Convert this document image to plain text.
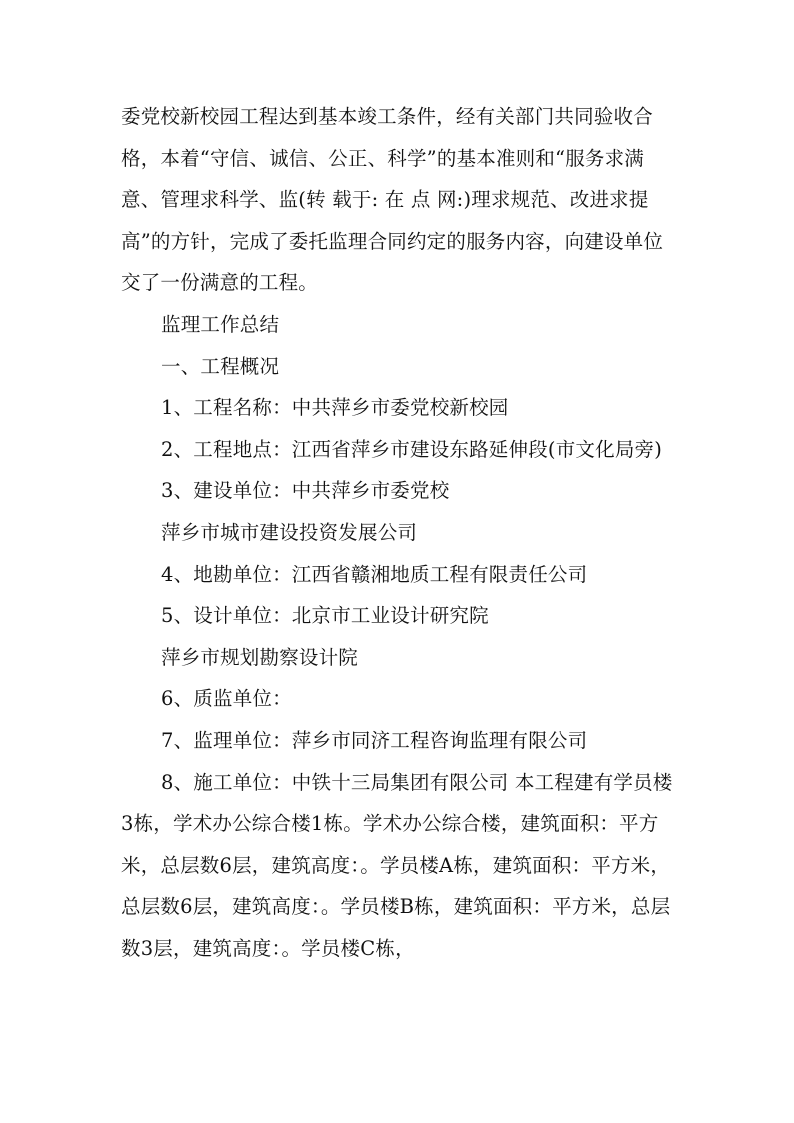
委党校新校园工程达到基本竣工条件，经有关部门共同验收合格，本着“守信、诚信、公正、科学”的基本准则和“服务求满意、管理求科学、监(转 载于: 在 点 网:)理求规范、改进求提高”的方针，完成了委托监理合同约定的服务内容，向建设单位交了一份满意的工程。

监理工作总结

一、工程概况

1、工程名称：中共萍乡市委党校新校园

2、工程地点：江西省萍乡市建设东路延伸段(市文化局旁)

3、建设单位：中共萍乡市委党校

萍乡市城市建设投资发展公司

4、地勘单位：江西省赣湘地质工程有限责任公司

5、设计单位：北京市工业设计研究院

萍乡市规划勘察设计院

6、质监单位：

7、监理单位：萍乡市同济工程咨询监理有限公司

8、施工单位：中铁十三局集团有限公司 本工程建有学员楼3栋，学术办公综合楼1栋。学术办公综合楼，建筑面积：平方米，总层数6层，建筑高度：。学员楼A栋，建筑面积：平方米，总层数6层，建筑高度：。学员楼B栋，建筑面积：平方米，总层数3层，建筑高度：。学员楼C栋，
